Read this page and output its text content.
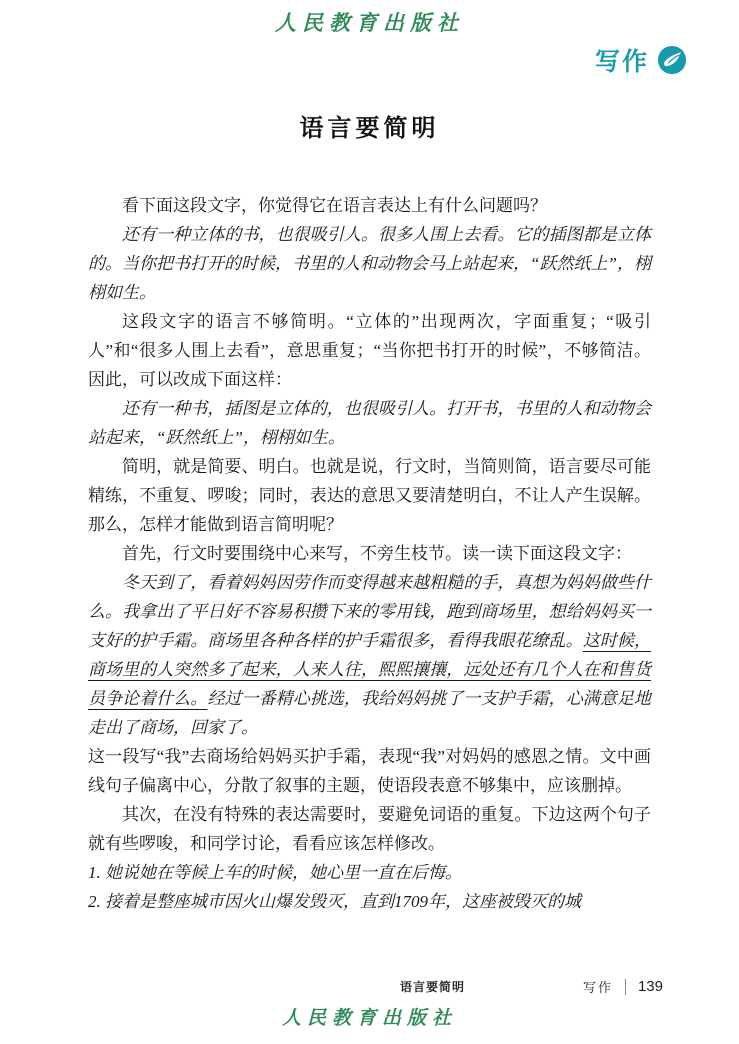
人民教育出版社
写作
语言要简明

看下面这段文字，你觉得它在语言表达上有什么问题吗？

还有一种立体的书，也很吸引人。很多人围上去看。它的插图都是立体的。当你把书打开的时候，书里的人和动物会马上站起来，“跃然纸上”，栩栩如生。

这段文字的语言不够简明。“立体的”出现两次，字面重复；“吸引人”和“很多人围上去看”，意思重复；“当你把书打开的时候”，不够简洁。因此，可以改成下面这样：

还有一种书，插图是立体的，也很吸引人。打开书，书里的人和动物会站起来，“跃然纸上”，栩栩如生。

简明，就是简要、明白。也就是说，行文时，当简则简，语言要尽可能精练，不重复、啰唆；同时，表达的意思又要清楚明白，不让人产生误解。那么，怎样才能做到语言简明呢？

首先，行文时要围绕中心来写，不旁生枝节。读一读下面这段文字：

冬天到了，看着妈妈因劳作而变得越来越粗糙的手，真想为妈妈做些什么。我拿出了平日好不容易积攒下来的零用钱，跑到商场里，想给妈妈买一支好的护手霜。商场里各种各样的护手霜很多，看得我眼花缭乱。这时候，商场里的人突然多了起来，人来人往，熙熙攘攘，远处还有几个人在和售货员争论着什么。经过一番精心挑选，我给妈妈挑了一支护手霜，心满意足地走出了商场，回家了。

这一段写“我”去商场给妈妈买护手霜，表现“我”对妈妈的感恩之情。文中画线句子偏离中心，分散了叙事的主题，使语段表意不够集中，应该删掉。

其次，在没有特殊的表达需要时，要避免词语的重复。下边这两个句子就有些啰唆，和同学讨论，看看应该怎样修改。

1. 她说她在等候上车的时候，她心里一直在后悔。

2. 接着是整座城市因火山爆发毁灭，直到1709年，这座被毁灭的城

语言要简明	写作 139
人民教育出版社
